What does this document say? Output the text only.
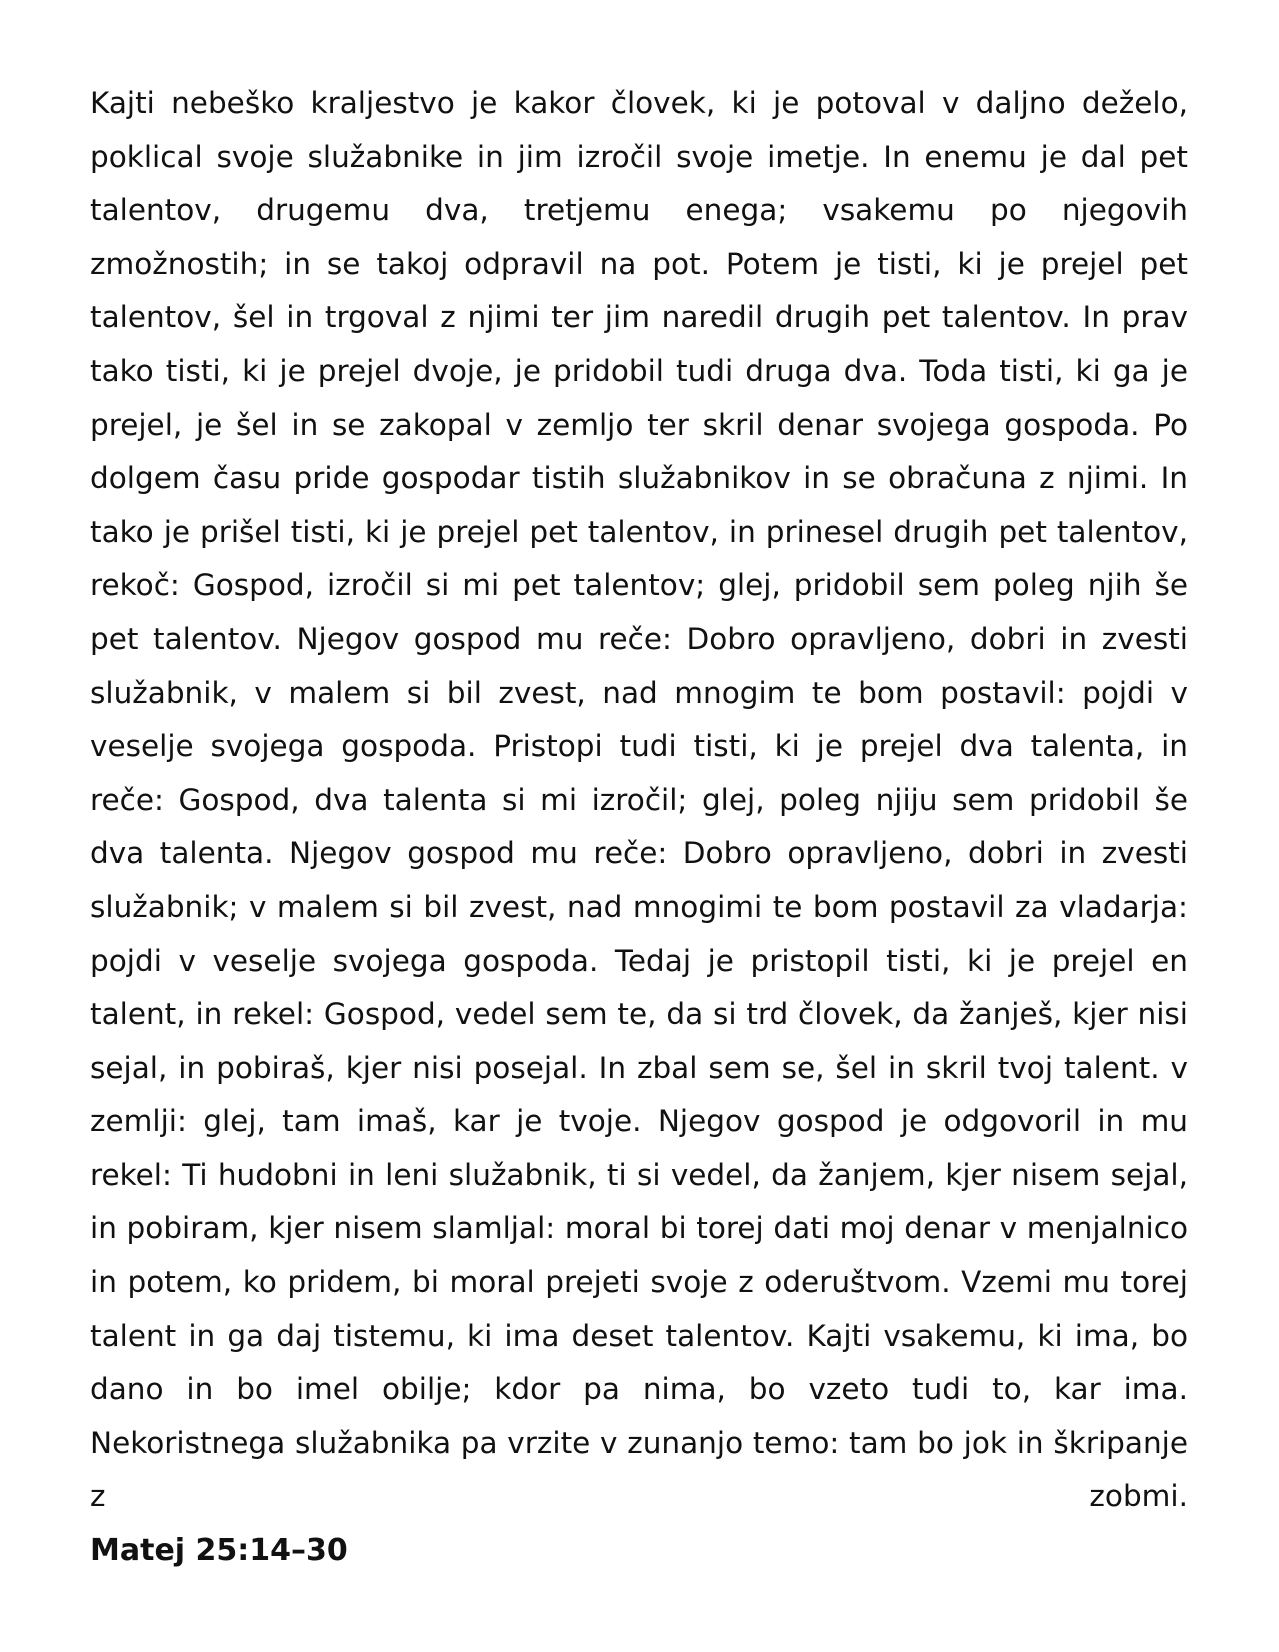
Kajti nebeško kraljestvo je kakor človek, ki je potoval v daljno deželo, poklical svoje služabnike in jim izročil svoje imetje. In enemu je dal pet talentov, drugemu dva, tretjemu enega; vsakemu po njegovih zmožnostih; in se takoj odpravil na pot. Potem je tisti, ki je prejel pet talentov, šel in trgoval z njimi ter jim naredil drugih pet talentov. In prav tako tisti, ki je prejel dvoje, je pridobil tudi druga dva. Toda tisti, ki ga je prejel, je šel in se zakopal v zemljo ter skril denar svojega gospoda. Po dolgem času pride gospodar tistih služabnikov in se obračuna z njimi. In tako je prišel tisti, ki je prejel pet talentov, in prinesel drugih pet talentov, rekoč: Gospod, izročil si mi pet talentov; glej, pridobil sem poleg njih še pet talentov. Njegov gospod mu reče: Dobro opravljeno, dobri in zvesti služabnik, v malem si bil zvest, nad mnogim te bom postavil: pojdi v veselje svojega gospoda. Pristopi tudi tisti, ki je prejel dva talenta, in reče: Gospod, dva talenta si mi izročil; glej, poleg njiju sem pridobil še dva talenta. Njegov gospod mu reče: Dobro opravljeno, dobri in zvesti služabnik; v malem si bil zvest, nad mnogimi te bom postavil za vladarja: pojdi v veselje svojega gospoda. Tedaj je pristopil tisti, ki je prejel en talent, in rekel: Gospod, vedel sem te, da si trd človek, da žanješ, kjer nisi sejal, in pobiraš, kjer nisi posejal. In zbal sem se, šel in skril tvoj talent. v zemlji: glej, tam imaš, kar je tvoje. Njegov gospod je odgovoril in mu rekel: Ti hudobni in leni služabnik, ti si vedel, da žanjem, kjer nisem sejal, in pobiram, kjer nisem slamljal: moral bi torej dati moj denar v menjalnico in potem, ko pridem, bi moral prejeti svoje z oderuštvom. Vzemi mu torej talent in ga daj tistemu, ki ima deset talentov. Kajti vsakemu, ki ima, bo dano in bo imel obilje; kdor pa nima, bo vzeto tudi to, kar ima. Nekoristnega služabnika pa vrzite v zunanjo temo: tam bo jok in škripanje z zobmi.

Matej 25:14–30
